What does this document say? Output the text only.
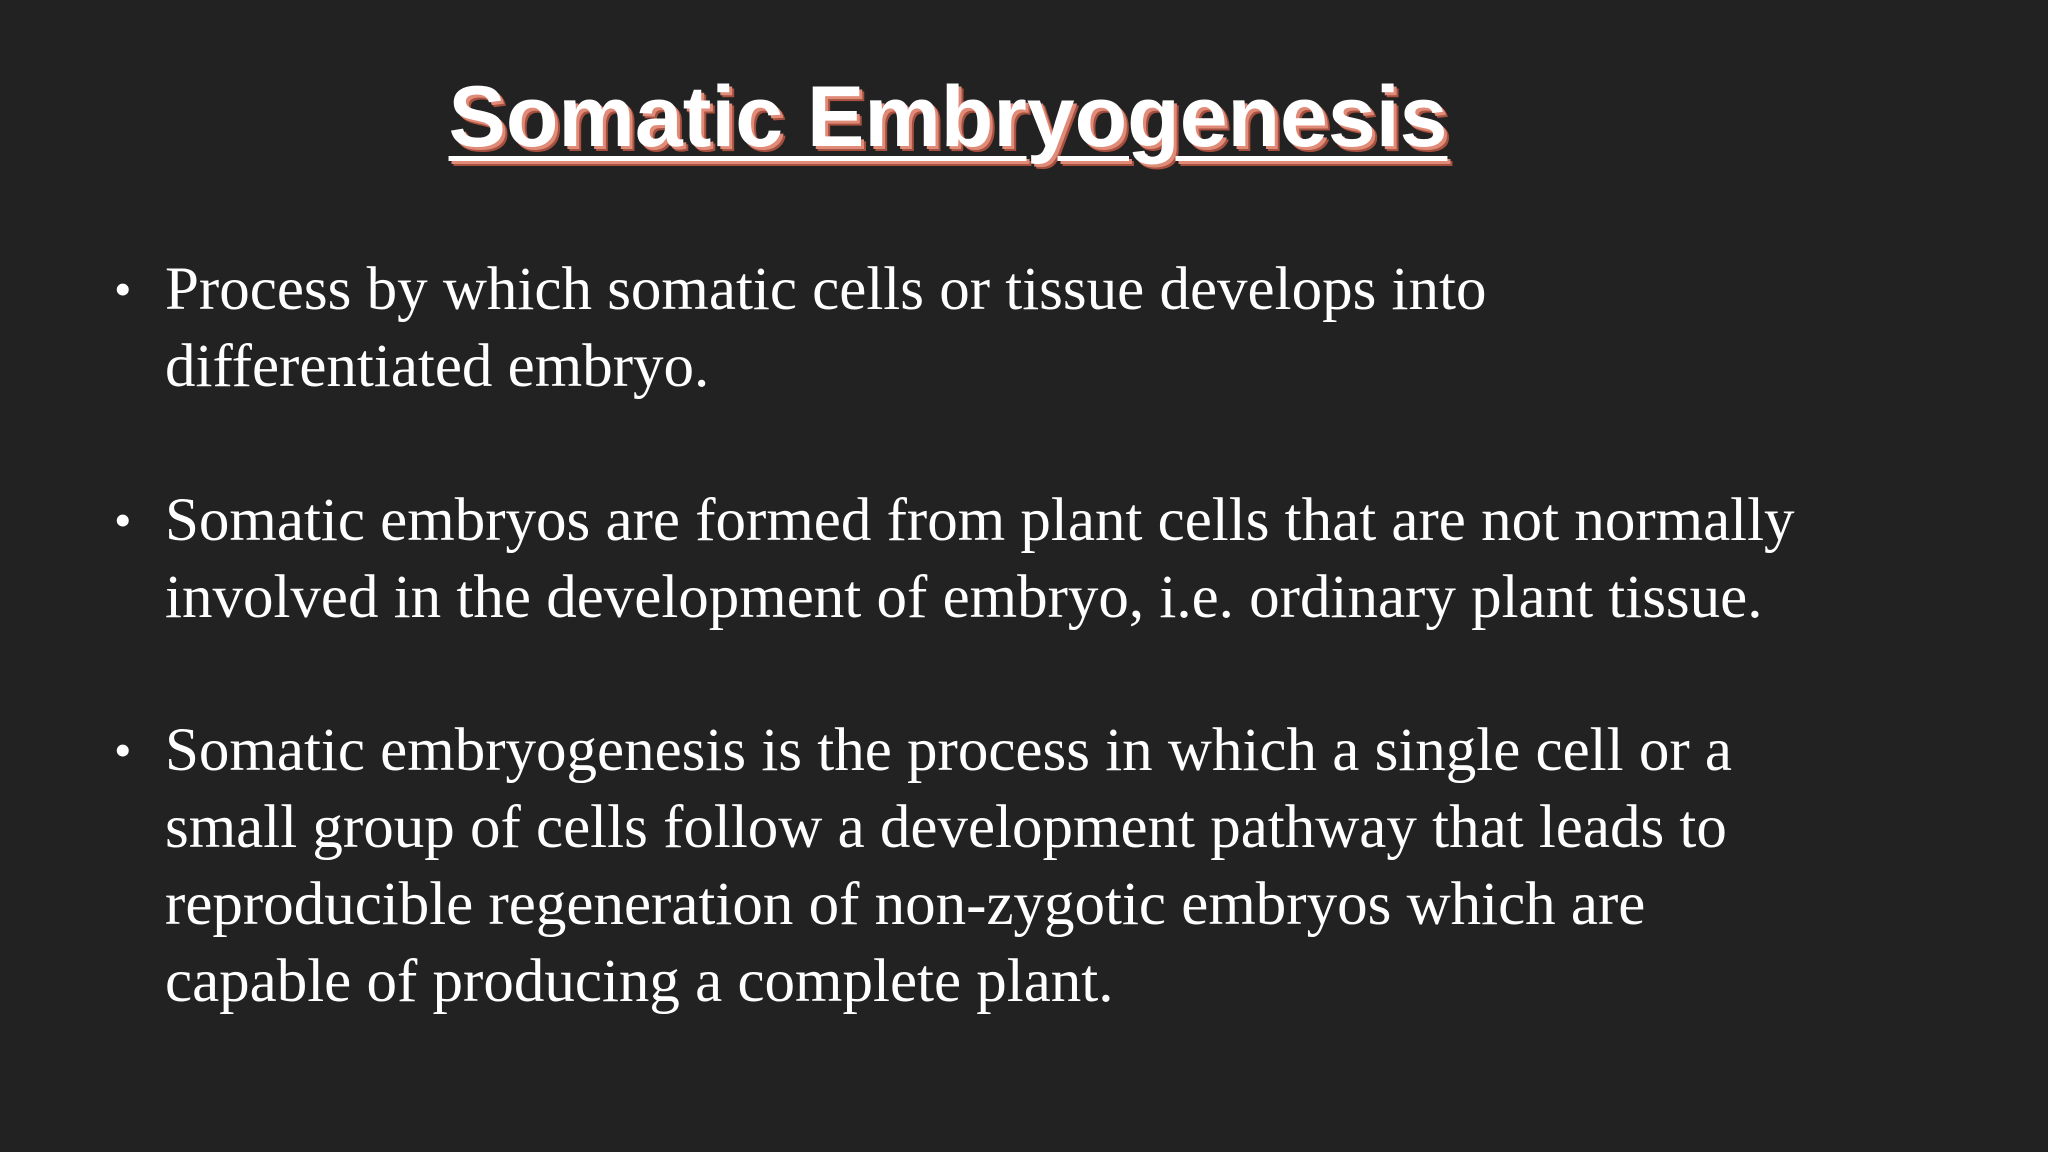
Somatic Embryogenesis
• Process by which somatic cells or tissue develops into
differentiated embryo.
• Somatic embryos are formed from plant cells that are not normally
involved in the development of embryo, i.e. ordinary plant tissue.
• Somatic embryogenesis is the process in which a single cell or a
small group of cells follow a development pathway that leads to
reproducible regeneration of non-zygotic embryos which are
capable of producing a complete plant.
